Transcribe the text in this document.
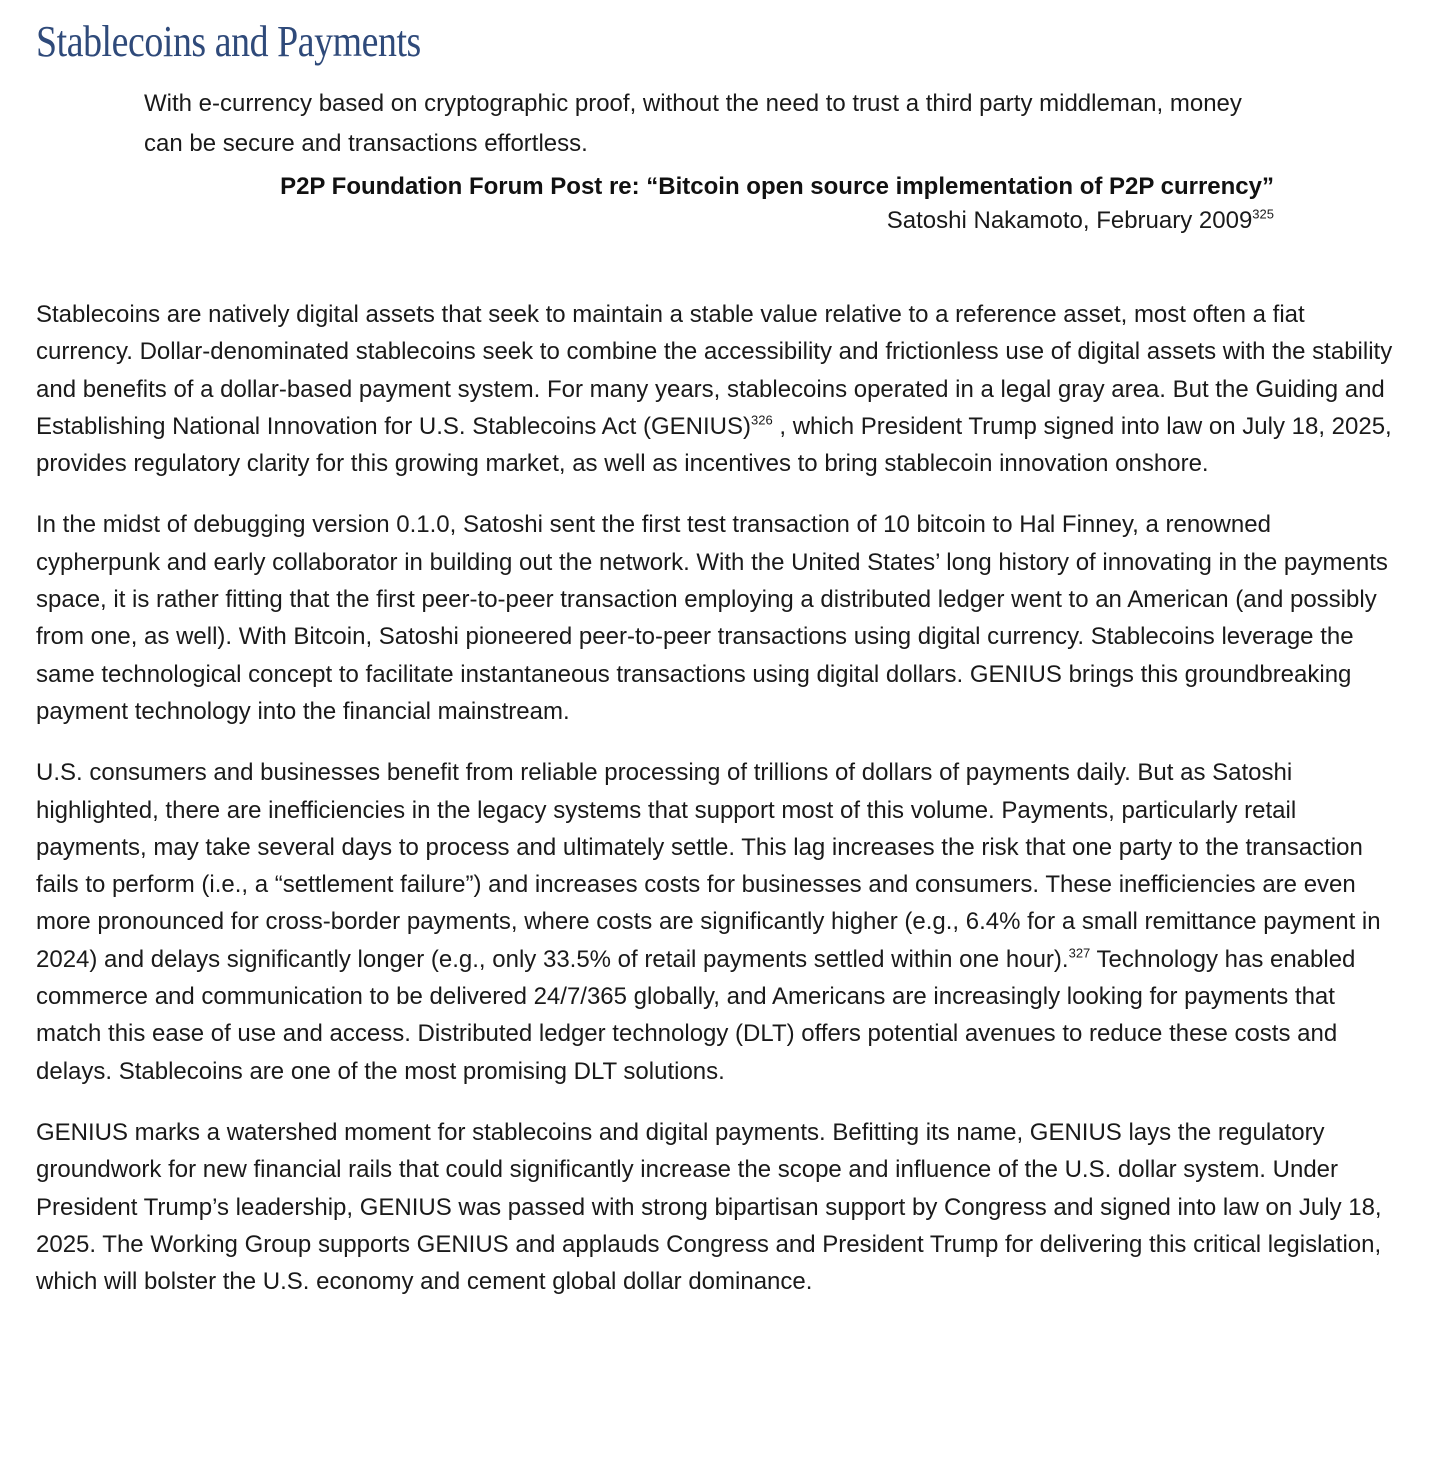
Stablecoins and Payments

With e-currency based on cryptographic proof, without the need to trust a third party middleman, money can be secure and transactions effortless.

P2P Foundation Forum Post re: “Bitcoin open source implementation of P2P currency”

Satoshi Nakamoto, February 2009$^{325}$

Stablecoins are natively digital assets that seek to maintain a stable value relative to a reference asset, most often a fiat currency. Dollar-denominated stablecoins seek to combine the accessibility and frictionless use of digital assets with the stability and benefits of a dollar-based payment system. For many years, stablecoins operated in a legal gray area. But the Guiding and Establishing National Innovation for U.S. Stablecoins Act (GENIUS)$^{326}$ , which President Trump signed into law on July 18, 2025, provides regulatory clarity for this growing market, as well as incentives to bring stablecoin innovation onshore.

In the midst of debugging version 0.1.0, Satoshi sent the first test transaction of 10 bitcoin to Hal Finney, a renowned cypherpunk and early collaborator in building out the network. With the United States’ long history of innovating in the payments space, it is rather fitting that the first peer-to-peer transaction employing a distributed ledger went to an American (and possibly from one, as well). With Bitcoin, Satoshi pioneered peer-to-peer transactions using digital currency. Stablecoins leverage the same technological concept to facilitate instantaneous transactions using digital dollars. GENIUS brings this groundbreaking payment technology into the financial mainstream.

U.S. consumers and businesses benefit from reliable processing of trillions of dollars of payments daily. But as Satoshi highlighted, there are inefficiencies in the legacy systems that support most of this volume. Payments, particularly retail payments, may take several days to process and ultimately settle. This lag increases the risk that one party to the transaction fails to perform (i.e., a “settlement failure”) and increases costs for businesses and consumers. These inefficiencies are even more pronounced for cross-border payments, where costs are significantly higher (e.g., 6.4% for a small remittance payment in 2024) and delays significantly longer (e.g., only 33.5% of retail payments settled within one hour).$^{327}$ Technology has enabled commerce and communication to be delivered 24/7/365 globally, and Americans are increasingly looking for payments that match this ease of use and access. Distributed ledger technology (DLT) offers potential avenues to reduce these costs and delays. Stablecoins are one of the most promising DLT solutions.

GENIUS marks a watershed moment for stablecoins and digital payments. Befitting its name, GENIUS lays the regulatory groundwork for new financial rails that could significantly increase the scope and influence of the U.S. dollar system. Under President Trump’s leadership, GENIUS was passed with strong bipartisan support by Congress and signed into law on July 18, 2025. The Working Group supports GENIUS and applauds Congress and President Trump for delivering this critical legislation, which will bolster the U.S. economy and cement global dollar dominance.
